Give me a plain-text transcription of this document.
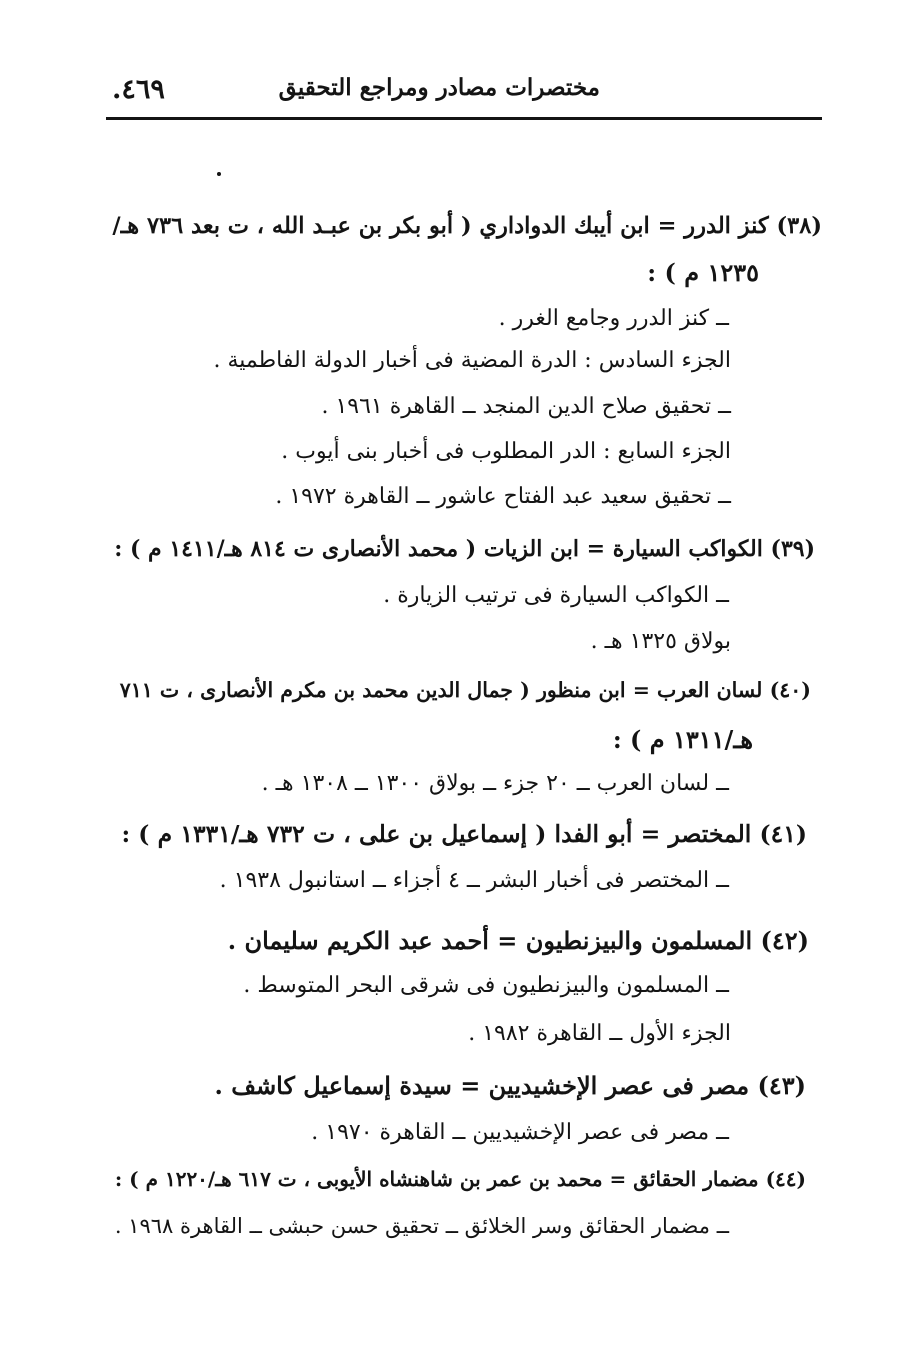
٤٦٩.	مختصرات مصادر ومراجع التحقيق
(٣٨) كنز الدرر = ابن أيبك الدواداري ( أبو بكر بن عبـد الله ، ت بعد ٧٣٦ هـ/
١٢٣٥ م ) :
ــ كنز الدرر وجامع الغرر .
الجزء السادس : الدرة المضية فى أخبار الدولة الفاطمية .
ــ تحقيق صلاح الدين المنجد ــ القاهرة ١٩٦١ .
الجزء السابع : الدر المطلوب فى أخبار بنى أيوب .
ــ تحقيق سعيد عبد الفتاح عاشور ــ القاهرة ١٩٧٢ .
(٣٩) الكواكب السيارة = ابن الزيات ( محمد الأنصارى ت ٨١٤ هـ/١٤١١ م ) :
ــ الكواكب السيارة فى ترتيب الزيارة .
بولاق ١٣٢٥ هـ .
(٤٠) لسان العرب = ابن منظور ( جمال الدين محمد بن مكرم الأنصارى ، ت ٧١١
هـ/١٣١١ م ) :
ــ لسان العرب ــ ٢٠ جزء ــ بولاق ١٣٠٠ ــ ١٣٠٨ هـ .
(٤١) المختصر = أبو الفدا ( إسماعيل بن على ، ت ٧٣٢ هـ/١٣٣١ م ) :
ــ المختصر فى أخبار البشر ــ ٤ أجزاء ــ استانبول ١٩٣٨ .
(٤٢) المسلمون والبيزنطيون = أحمد عبد الكريم سليمان .
ــ المسلمون والبيزنطيون فى شرقى البحر المتوسط .
الجزء الأول ــ القاهرة ١٩٨٢ .
(٤٣) مصر فى عصر الإخشيديين = سيدة إسماعيل كاشف .
ــ مصر فى عصر الإخشيديين ــ القاهرة ١٩٧٠ .
(٤٤) مضمار الحقائق = محمد بن عمر بن شاهنشاه الأيوبى ، ت ٦١٧ هـ/١٢٢٠ م ) :
ــ مضمار الحقائق وسر الخلائق ــ تحقيق حسن حبشى ــ القاهرة ١٩٦٨ .
